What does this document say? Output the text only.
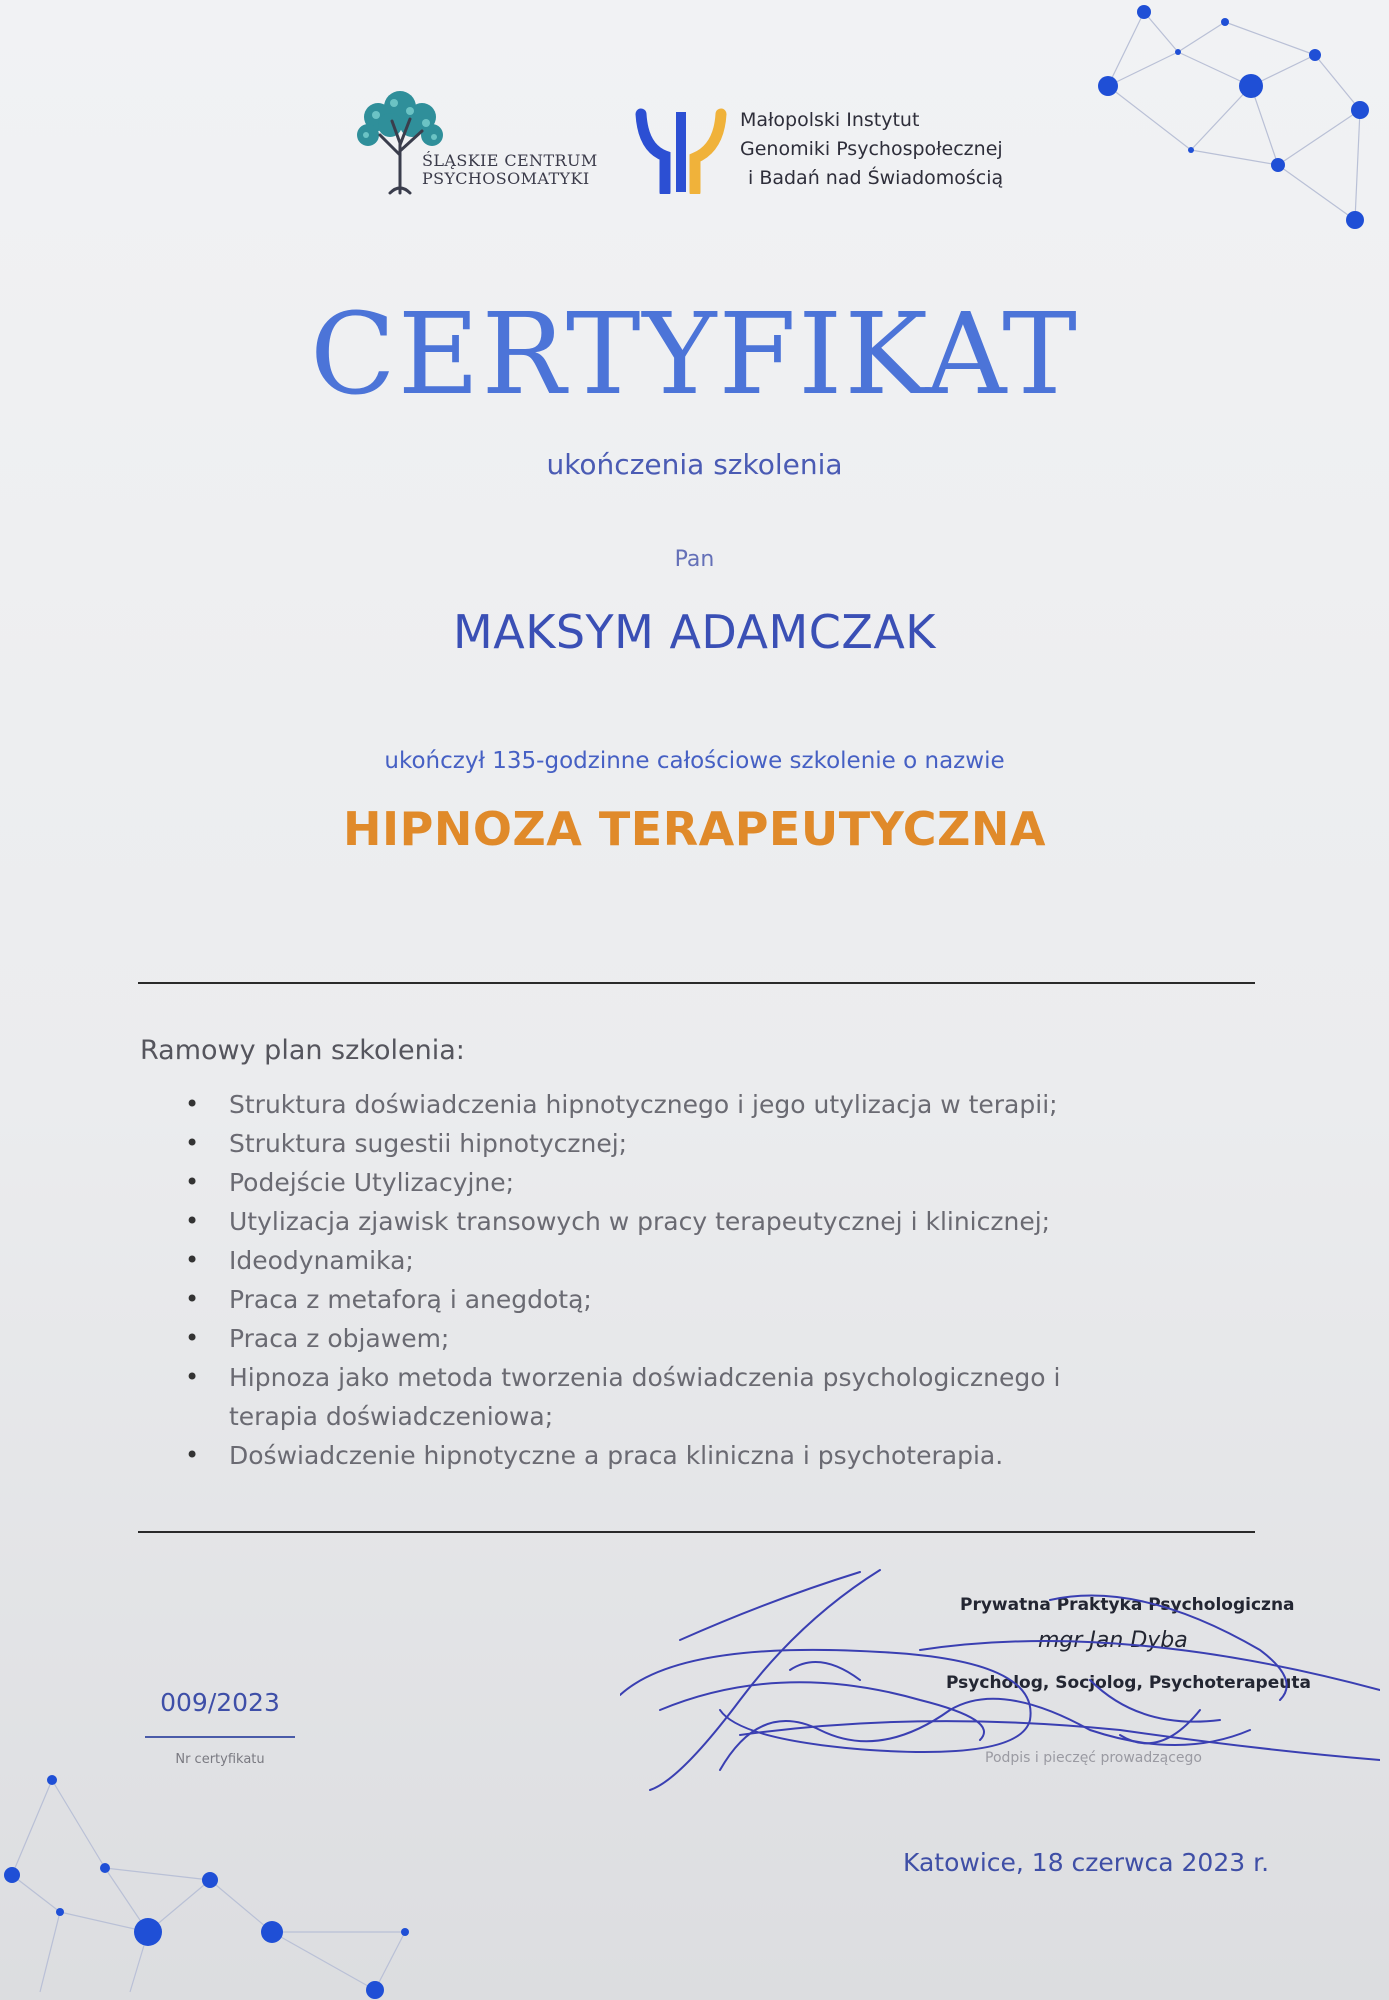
ŚLĄSKIE CENTRUM
PSYCHOSOMATYKI
Małopolski Instytut
Genomiki Psychospołecznej
i Badań nad Świadomością
CERTYFIKAT
ukończenia szkolenia
Pan
MAKSYM ADAMCZAK
ukończył 135-godzinne całościowe szkolenie o nazwie
HIPNOZA TERAPEUTYCZNA
Ramowy plan szkolenia:
• Struktura doświadczenia hipnotycznego i jego utylizacja w terapii;
• Struktura sugestii hipnotycznej;
• Podejście Utylizacyjne;
• Utylizacja zjawisk transowych w pracy terapeutycznej i klinicznej;
• Ideodynamika;
• Praca z metaforą i anegdotą;
• Praca z objawem;
• Hipnoza jako metoda tworzenia doświadczenia psychologicznego i terapia doświadczeniowa;
• Doświadczenie hipnotyczne a praca kliniczna i psychoterapia.
009/2023
Nr certyfikatu
Prywatna Praktyka Psychologiczna
mgr Jan Dyba
Psycholog, Socjolog, Psychoterapeuta
Podpis i pieczęć prowadzącego
Katowice, 18 czerwca 2023 r.
